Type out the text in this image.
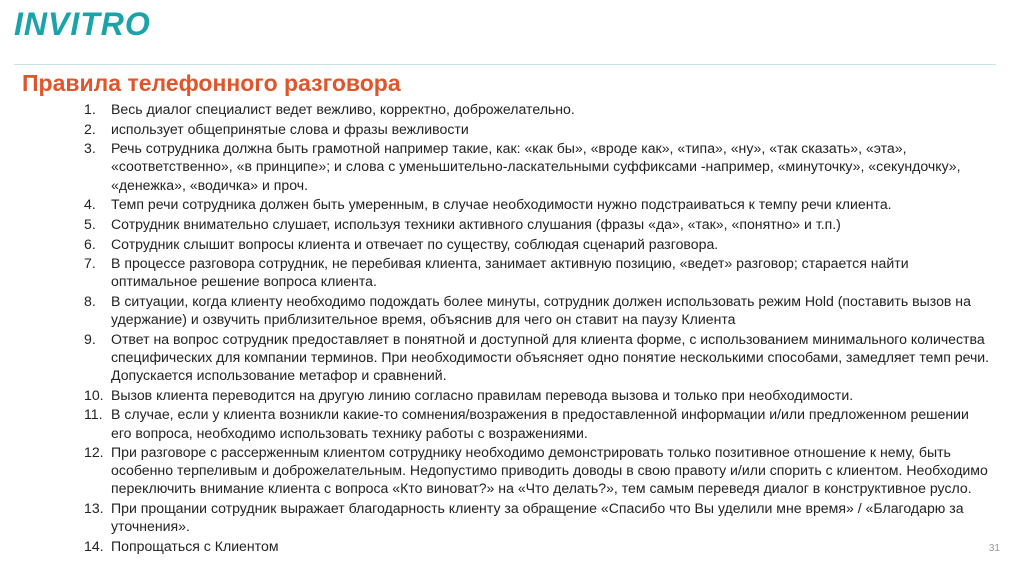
INVITRO
Правила телефонного разговора
1.	Весь диалог специалист ведет вежливо, корректно, доброжелательно.
2.	использует общепринятые слова и фразы вежливости
3.	Речь сотрудника должна быть грамотной например такие, как: «как бы», «вроде как», «типа», «ну», «так сказать», «эта», «соответственно», «в принципе»; и слова с уменьшительно-ласкательными суффиксами -например, «минуточку», «секундочку», «денежка», «водичка» и проч.
4.	Темп речи сотрудника должен быть умеренным, в случае необходимости нужно подстраиваться к темпу речи клиента.
5.	Сотрудник внимательно слушает, используя техники активного слушания (фразы «да», «так», «понятно» и т.п.)
6.	Сотрудник слышит вопросы клиента и отвечает по существу, соблюдая сценарий разговора.
7.	В процессе разговора сотрудник, не перебивая клиента, занимает активную позицию, «ведет» разговор; старается найти оптимальное решение вопроса клиента.
8.	В ситуации, когда клиенту необходимо подождать более минуты, сотрудник должен использовать режим Hold (поставить вызов на удержание) и озвучить приблизительное время, объяснив для чего он ставит на паузу Клиента
9.	Ответ на вопрос сотрудник предоставляет в понятной и доступной для клиента форме, с использованием минимального количества специфических для компании терминов. При необходимости объясняет одно понятие несколькими способами, замедляет темп речи. Допускается использование метафор и сравнений.
10. Вызов клиента переводится на другую линию согласно правилам перевода вызова и только при необходимости.
11. В случае, если у клиента возникли какие-то сомнения/возражения в предоставленной информации и/или предложенном решении его вопроса, необходимо использовать технику работы с возражениями.
12. При разговоре с рассерженным клиентом сотруднику необходимо демонстрировать только позитивное отношение к нему, быть особенно терпеливым и доброжелательным. Недопустимо приводить доводы в свою правоту и/или спорить с клиентом. Необходимо переключить внимание клиента с вопроса «Кто виноват?» на «Что делать?», тем самым переведя диалог в конструктивное русло.
13. При прощании сотрудник выражает благодарность клиенту за обращение «Спасибо что Вы уделили мне время» / «Благодарю за уточнения».
14. Попрощаться с Клиентом	31
